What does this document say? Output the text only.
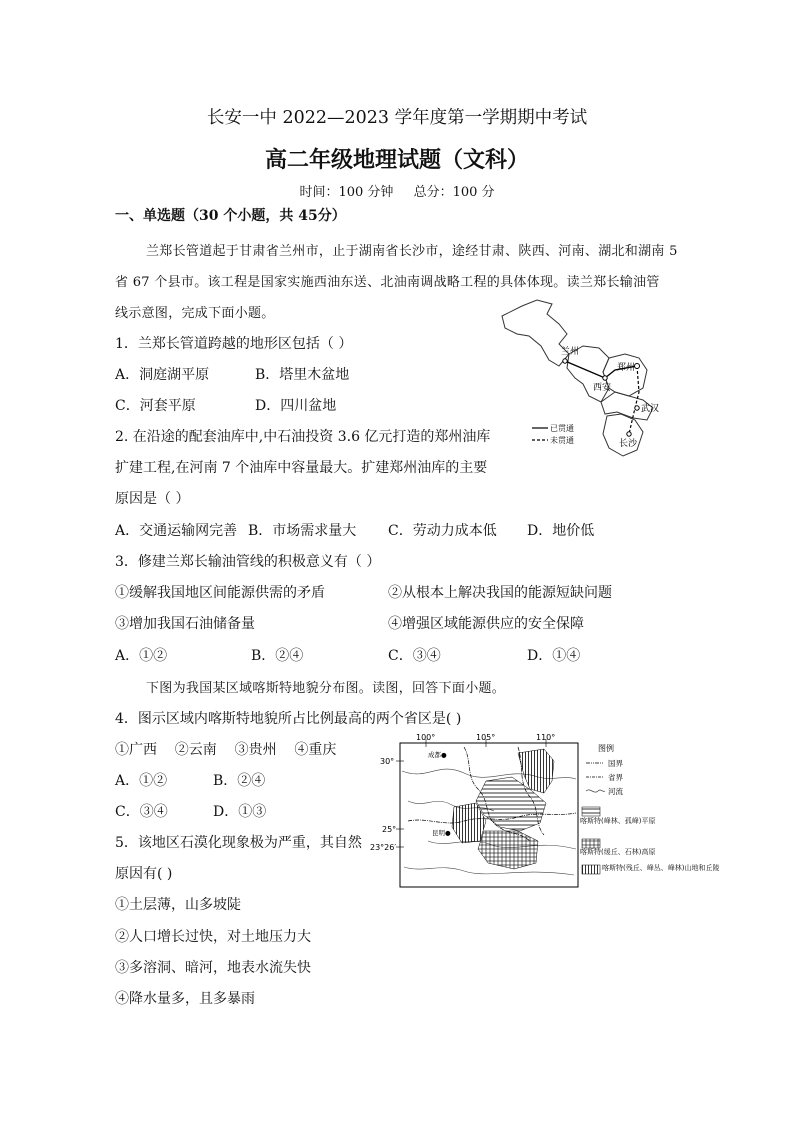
长安一中 2022—2023 学年度第一学期期中考试
高二年级地理试题（文科）
时间：100 分钟 总分：100 分
一、单选题（30 个小题，共 45分）
兰郑长管道起于甘肃省兰州市，止于湖南省长沙市，途经甘肃、陕西、河南、湖北和湖南 5
省 67 个县市。该工程是国家实施西油东送、北油南调战略工程的具体体现。读兰郑长输油管
线示意图，完成下面小题。
1．兰郑长管道跨越的地形区包括（ ）
A．洞庭湖平原	B．塔里木盆地
C．河套平原	D．四川盆地
2. 在沿途的配套油库中,中石油投资 3.6 亿元打造的郑州油库
扩建工程,在河南 7 个油库中容量最大。扩建郑州油库的主要
原因是（ ）
A．交通运输网完善 B．市场需求量大 C．劳动力成本低 D．地价低
3．修建兰郑长输油管线的积极意义有（ ）
①缓解我国地区间能源供需的矛盾	②从根本上解决我国的能源短缺问题
③增加我国石油储备量	④增强区域能源供应的安全保障
A．①②	B．②④	C．③④	D．①④
兰州
郑州
西安
武汉
长沙
已贯通
未贯通
下图为我国某区域喀斯特地貌分布图。读图，回答下面小题。
4．图示区域内喀斯特地貌所占比例最高的两个省区是( )
①广西    ②云南    ③贵州    ④重庆
A．①②	B．②④
C．③④	D．①③
5．该地区石漠化现象极为严重，其自然
原因有( )
①土层薄，山多坡陡
②人口增长过快，对土地压力大
③多溶洞、暗河，地表水流失快
④降水量多，且多暴雨
100°	105°	110°
30°
25°
23°26′
成都●
昆明●
图例
国界
省界
河流
喀斯特(峰林、孤峰)平原
喀斯特(缓丘、石林)高原
喀斯特(残丘、峰丛、峰林)山地和丘陵
